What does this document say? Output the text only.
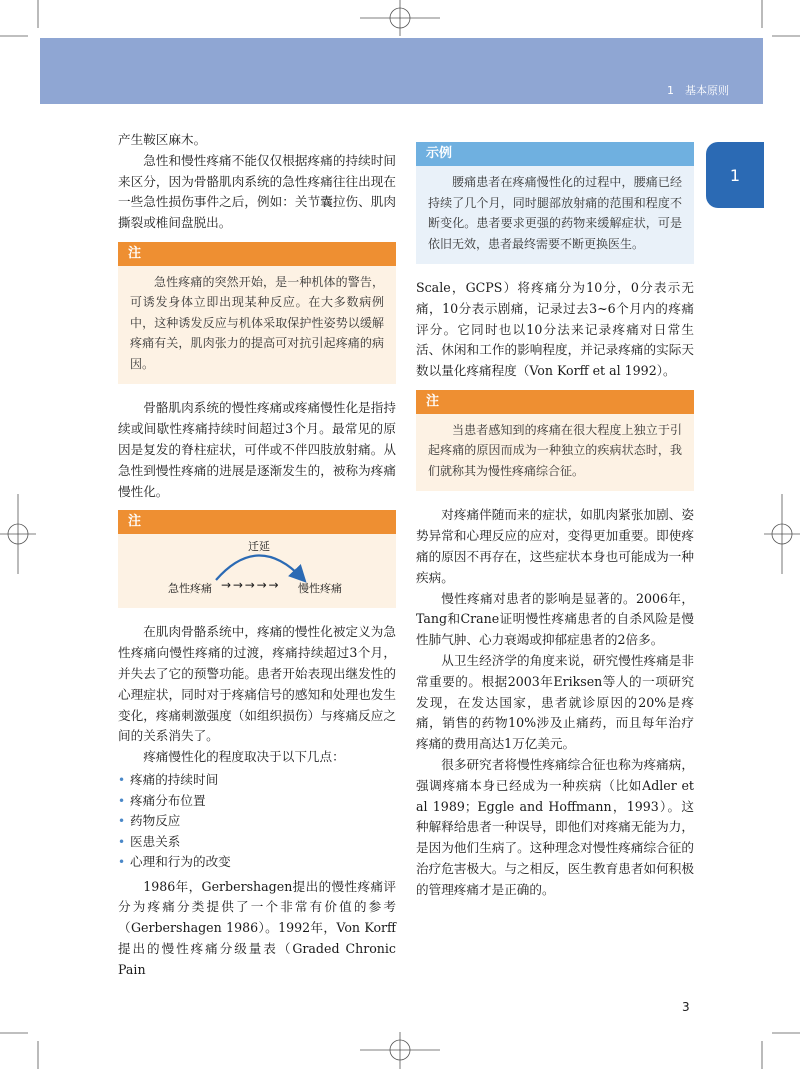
1　基本原则
1

产生鞍区麻木。

急性和慢性疼痛不能仅仅根据疼痛的持续时间来区分，因为骨骼肌肉系统的急性疼痛往往出现在一些急性损伤事件之后，例如：关节囊拉伤、肌肉撕裂或椎间盘脱出。

注
急性疼痛的突然开始，是一种机体的警告，可诱发身体立即出现某种反应。在大多数病例中，这种诱发反应与机体采取保护性姿势以缓解疼痛有关，肌肉张力的提高可对抗引起疼痛的病因。

骨骼肌肉系统的慢性疼痛或疼痛慢性化是指持续或间歇性疼痛持续时间超过3个月。最常见的原因是复发的脊柱症状，可伴或不伴四肢放射痛。从急性到慢性疼痛的进展是逐渐发生的，被称为疼痛慢性化。

注
迁延
急性疼痛 → → → → → 慢性疼痛

在肌肉骨骼系统中，疼痛的慢性化被定义为急性疼痛向慢性疼痛的过渡，疼痛持续超过3个月，并失去了它的预警功能。患者开始表现出继发性的心理症状，同时对于疼痛信号的感知和处理也发生变化，疼痛刺激强度（如组织损伤）与疼痛反应之间的关系消失了。

疼痛慢性化的程度取决于以下几点：

• 疼痛的持续时间
• 疼痛分布位置
• 药物反应
• 医患关系
• 心理和行为的改变

1986年，Gerbershagen提出的慢性疼痛评分为疼痛分类提供了一个非常有价值的参考（Gerbershagen 1986）。1992年，Von Korff提出的慢性疼痛分级量表（Graded Chronic Pain

示例
腰痛患者在疼痛慢性化的过程中，腰痛已经持续了几个月，同时腿部放射痛的范围和程度不断变化。患者要求更强的药物来缓解症状，可是依旧无效，患者最终需要不断更换医生。

Scale，GCPS）将疼痛分为10分，0分表示无痛，10分表示剧痛，记录过去3~6个月内的疼痛评分。它同时也以10分法来记录疼痛对日常生活、休闲和工作的影响程度，并记录疼痛的实际天数以量化疼痛程度（Von Korff et al 1992）。

注
当患者感知到的疼痛在很大程度上独立于引起疼痛的原因而成为一种独立的疾病状态时，我们就称其为慢性疼痛综合征。

对疼痛伴随而来的症状，如肌肉紧张加剧、姿势异常和心理反应的应对，变得更加重要。即使疼痛的原因不再存在，这些症状本身也可能成为一种疾病。

慢性疼痛对患者的影响是显著的。2006年，Tang和Crane证明慢性疼痛患者的自杀风险是慢性肺气肿、心力衰竭或抑郁症患者的2倍多。

从卫生经济学的角度来说，研究慢性疼痛是非常重要的。根据2003年Eriksen等人的一项研究发现，在发达国家，患者就诊原因的20%是疼痛，销售的药物10%涉及止痛药，而且每年治疗疼痛的费用高达1万亿美元。

很多研究者将慢性疼痛综合征也称为疼痛病，强调疼痛本身已经成为一种疾病（比如Adler et al 1989；Eggle and Hoffmann，1993）。这种解释给患者一种误导，即他们对疼痛无能为力，是因为他们生病了。这种理念对慢性疼痛综合征的治疗危害极大。与之相反，医生教育患者如何积极的管理疼痛才是正确的。

3
